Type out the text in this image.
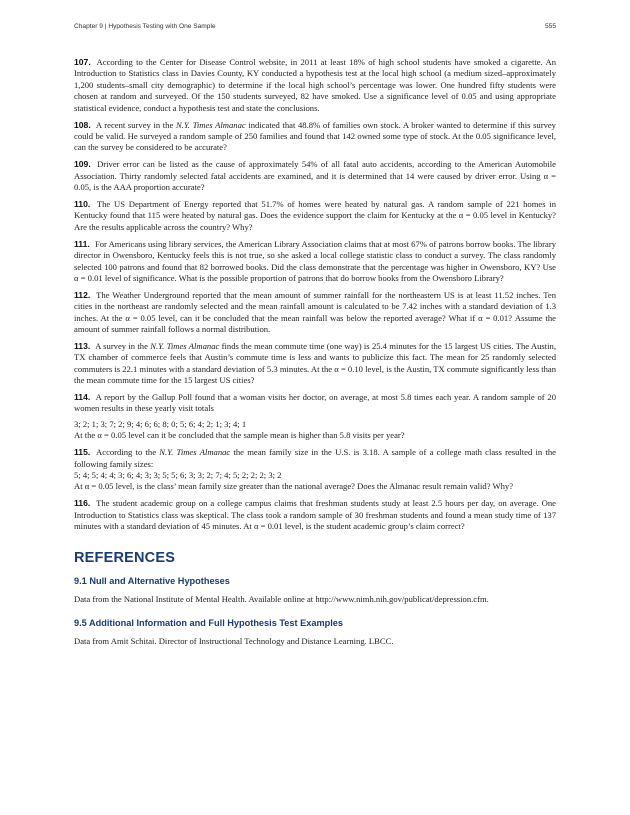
Chapter 9 | Hypothesis Testing with One Sample	555

107. According to the Center for Disease Control website, in 2011 at least 18% of high school students have smoked a cigarette. An Introduction to Statistics class in Davies County, KY conducted a hypothesis test at the local high school (a medium sized–approximately 1,200 students–small city demographic) to determine if the local high school’s percentage was lower. One hundred fifty students were chosen at random and surveyed. Of the 150 students surveyed, 82 have smoked. Use a significance level of 0.05 and using appropriate statistical evidence, conduct a hypothesis test and state the conclusions.

108. A recent survey in the N.Y. Times Almanac indicated that 48.8% of families own stock. A broker wanted to determine if this survey could be valid. He surveyed a random sample of 250 families and found that 142 owned some type of stock. At the 0.05 significance level, can the survey be considered to be accurate?

109. Driver error can be listed as the cause of approximately 54% of all fatal auto accidents, according to the American Automobile Association. Thirty randomly selected fatal accidents are examined, and it is determined that 14 were caused by driver error. Using α = 0.05, is the AAA proportion accurate?

110. The US Department of Energy reported that 51.7% of homes were heated by natural gas. A random sample of 221 homes in Kentucky found that 115 were heated by natural gas. Does the evidence support the claim for Kentucky at the α = 0.05 level in Kentucky? Are the results applicable across the country? Why?

111. For Americans using library services, the American Library Association claims that at most 67% of patrons borrow books. The library director in Owensboro, Kentucky feels this is not true, so she asked a local college statistic class to conduct a survey. The class randomly selected 100 patrons and found that 82 borrowed books. Did the class demonstrate that the percentage was higher in Owensboro, KY? Use α = 0.01 level of significance. What is the possible proportion of patrons that do borrow books from the Owensboro Library?

112. The Weather Underground reported that the mean amount of summer rainfall for the northeastern US is at least 11.52 inches. Ten cities in the northeast are randomly selected and the mean rainfall amount is calculated to be 7.42 inches with a standard deviation of 1.3 inches. At the α = 0.05 level, can it be concluded that the mean rainfall was below the reported average? What if α = 0.01? Assume the amount of summer rainfall follows a normal distribution.

113. A survey in the N.Y. Times Almanac finds the mean commute time (one way) is 25.4 minutes for the 15 largest US cities. The Austin, TX chamber of commerce feels that Austin’s commute time is less and wants to publicize this fact. The mean for 25 randomly selected commuters is 22.1 minutes with a standard deviation of 5.3 minutes. At the α = 0.10 level, is the Austin, TX commute significantly less than the mean commute time for the 15 largest US cities?

114. A report by the Gallup Poll found that a woman visits her doctor, on average, at most 5.8 times each year. A random sample of 20 women results in these yearly visit totals
3; 2; 1; 3; 7; 2; 9; 4; 6; 6; 8; 0; 5; 6; 4; 2; 1; 3; 4; 1
At the α = 0.05 level can it be concluded that the sample mean is higher than 5.8 visits per year?

115. According to the N.Y. Times Almanac the mean family size in the U.S. is 3.18. A sample of a college math class resulted in the following family sizes:
5; 4; 5; 4; 4; 3; 6; 4; 3; 3; 5; 5; 6; 3; 3; 2; 7; 4; 5; 2; 2; 2; 3; 2
At α = 0.05 level, is the class’ mean family size greater than the national average? Does the Almanac result remain valid? Why?

116. The student academic group on a college campus claims that freshman students study at least 2.5 hours per day, on average. One Introduction to Statistics class was skeptical. The class took a random sample of 30 freshman students and found a mean study time of 137 minutes with a standard deviation of 45 minutes. At α = 0.01 level, is the student academic group’s claim correct?

REFERENCES
9.1 Null and Alternative Hypotheses

Data from the National Institute of Mental Health. Available online at http://www.nimh.nih.gov/publicat/depression.cfm.

9.5 Additional Information and Full Hypothesis Test Examples

Data from Amit Schitai. Director of Instructional Technology and Distance Learning. LBCC.
